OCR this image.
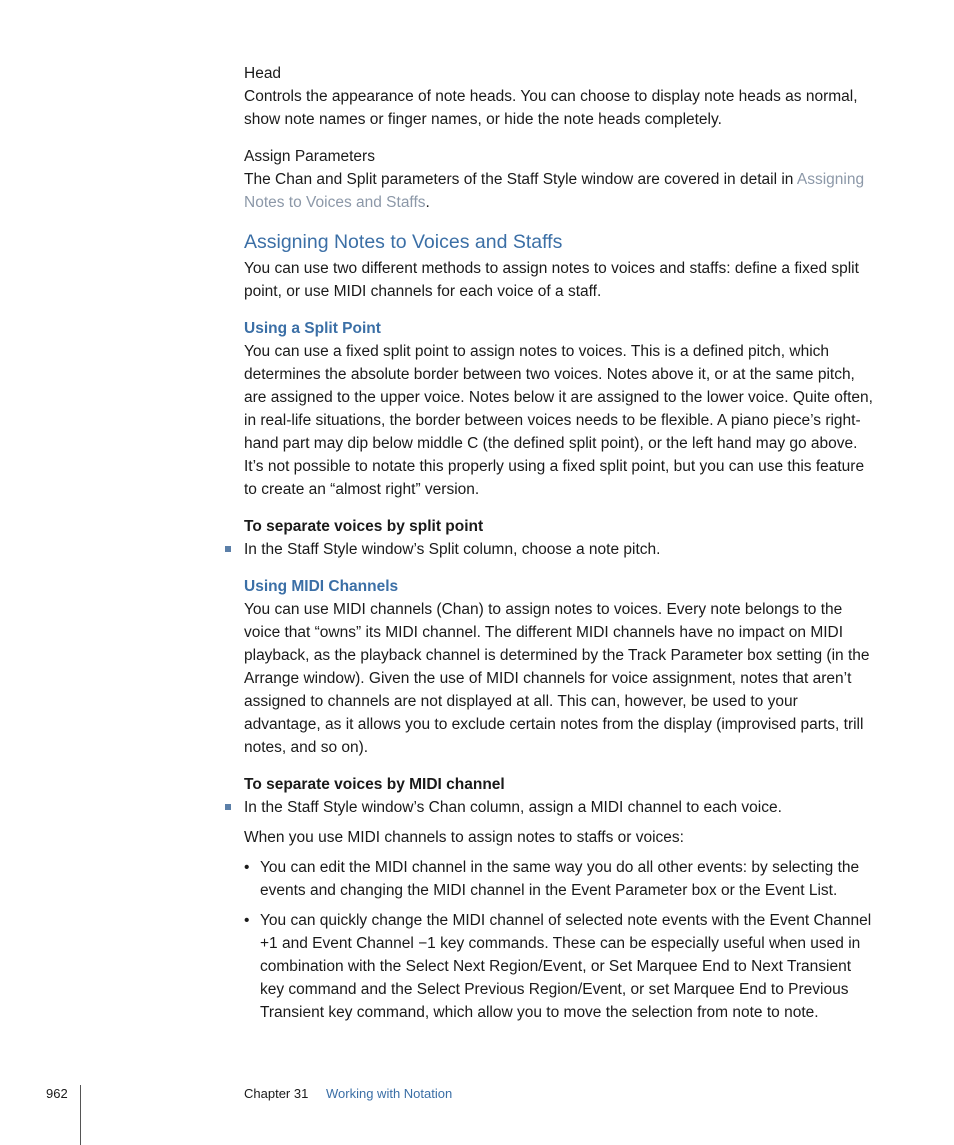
Head

Controls the appearance of note heads. You can choose to display note heads as normal, show note names or finger names, or hide the note heads completely.

Assign Parameters

The Chan and Split parameters of the Staff Style window are covered in detail in Assigning Notes to Voices and Staffs.

Assigning Notes to Voices and Staffs

You can use two different methods to assign notes to voices and staffs: define a fixed split point, or use MIDI channels for each voice of a staff.

Using a Split Point

You can use a fixed split point to assign notes to voices. This is a defined pitch, which determines the absolute border between two voices. Notes above it, or at the same pitch, are assigned to the upper voice. Notes below it are assigned to the lower voice. Quite often, in real-life situations, the border between voices needs to be flexible. A piano piece’s right-hand part may dip below middle C (the defined split point), or the left hand may go above. It’s not possible to notate this properly using a fixed split point, but you can use this feature to create an “almost right” version.

To separate voices by split point

In the Staff Style window’s Split column, choose a note pitch.

Using MIDI Channels

You can use MIDI channels (Chan) to assign notes to voices. Every note belongs to the voice that “owns” its MIDI channel. The different MIDI channels have no impact on MIDI playback, as the playback channel is determined by the Track Parameter box setting (in the Arrange window). Given the use of MIDI channels for voice assignment, notes that aren’t assigned to channels are not displayed at all. This can, however, be used to your advantage, as it allows you to exclude certain notes from the display (improvised parts, trill notes, and so on).

To separate voices by MIDI channel

In the Staff Style window’s Chan column, assign a MIDI channel to each voice.

When you use MIDI channels to assign notes to staffs or voices:

• You can edit the MIDI channel in the same way you do all other events: by selecting the events and changing the MIDI channel in the Event Parameter box or the Event List.

• You can quickly change the MIDI channel of selected note events with the Event Channel +1 and Event Channel −1 key commands. These can be especially useful when used in combination with the Select Next Region/Event, or Set Marquee End to Next Transient key command and the Select Previous Region/Event, or set Marquee End to Previous Transient key command, which allow you to move the selection from note to note.

962	Chapter 31 Working with Notation
